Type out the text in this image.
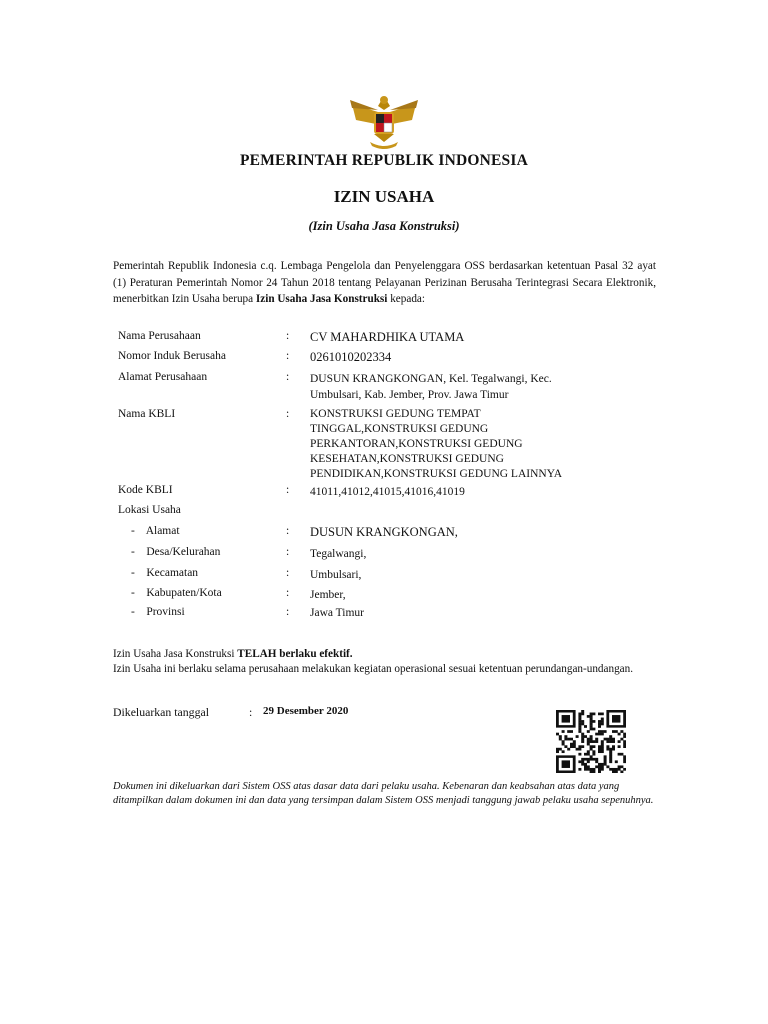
PEMERINTAH REPUBLIK INDONESIA
IZIN USAHA
(Izin Usaha Jasa Konstruksi)
Pemerintah Republik Indonesia c.q. Lembaga Pengelola dan Penyelenggara OSS berdasarkan ketentuan Pasal 32 ayat (1) Peraturan Pemerintah Nomor 24 Tahun 2018 tentang Pelayanan Perizinan Berusaha Terintegrasi Secara Elektronik, menerbitkan Izin Usaha berupa Izin Usaha Jasa Konstruksi kepada:
Nama Perusahaan	: CV MAHARDHIKA UTAMA
Nomor Induk Berusaha	: 0261010202334
Alamat Perusahaan	: DUSUN KRANGKONGAN, Kel. Tegalwangi, Kec.
Umbulsari, Kab. Jember, Prov. Jawa Timur
Nama KBLI	: KONSTRUKSI GEDUNG TEMPAT
TINGGAL,KONSTRUKSI GEDUNG
PERKANTORAN,KONSTRUKSI GEDUNG
KESEHATAN,KONSTRUKSI GEDUNG
PENDIDIKAN,KONSTRUKSI GEDUNG LAINNYA
Kode KBLI	: 41011,41012,41015,41016,41019
Lokasi Usaha
-    Alamat	: DUSUN KRANGKONGAN,
-    Desa/Kelurahan	: Tegalwangi,
-    Kecamatan	: Umbulsari,
-    Kabupaten/Kota	: Jember,
-    Provinsi	: Jawa Timur
Izin Usaha Jasa Konstruksi TELAH berlaku efektif.
Izin Usaha ini berlaku selama perusahaan melakukan kegiatan operasional sesuai ketentuan perundangan-undangan.
Dikeluarkan tanggal	: 29 Desember 2020
Dokumen ini dikeluarkan dari Sistem OSS atas dasar data dari pelaku usaha. Kebenaran dan keabsahan atas data yang ditampilkan dalam dokumen ini dan data yang tersimpan dalam Sistem OSS menjadi tanggung jawab pelaku usaha sepenuhnya.
